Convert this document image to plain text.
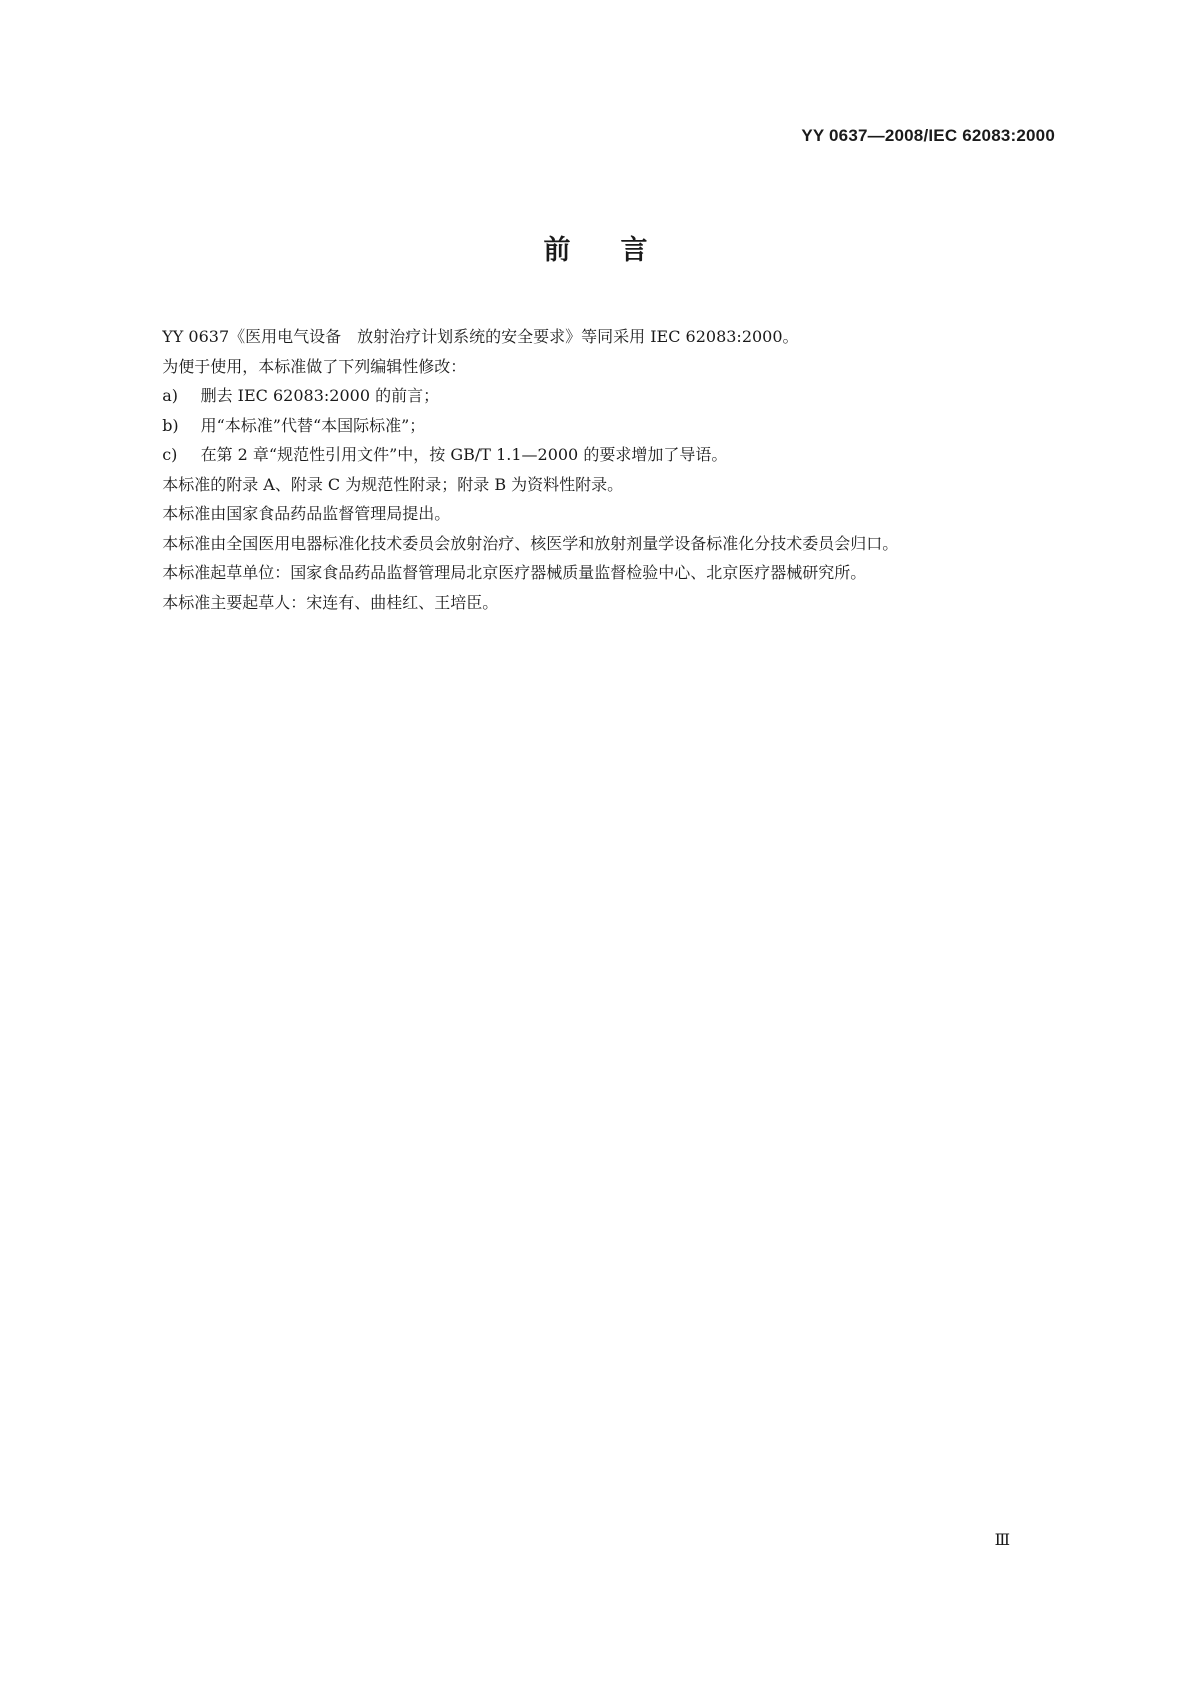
YY 0637—2008/IEC 62083:2000
前言

YY 0637《医用电气设备　放射治疗计划系统的安全要求》等同采用 IEC 62083:2000。

为便于使用，本标准做了下列编辑性修改：

a) 删去 IEC 62083:2000 的前言；

b) 用“本标准”代替“本国际标准”；

c) 在第 2 章“规范性引用文件”中，按 GB/T 1.1—2000 的要求增加了导语。

本标准的附录 A、附录 C 为规范性附录；附录 B 为资料性附录。

本标准由国家食品药品监督管理局提出。

本标准由全国医用电器标准化技术委员会放射治疗、核医学和放射剂量学设备标准化分技术委员会归口。

本标准起草单位：国家食品药品监督管理局北京医疗器械质量监督检验中心、北京医疗器械研究所。

本标准主要起草人：宋连有、曲桂红、王培臣。

Ⅲ
